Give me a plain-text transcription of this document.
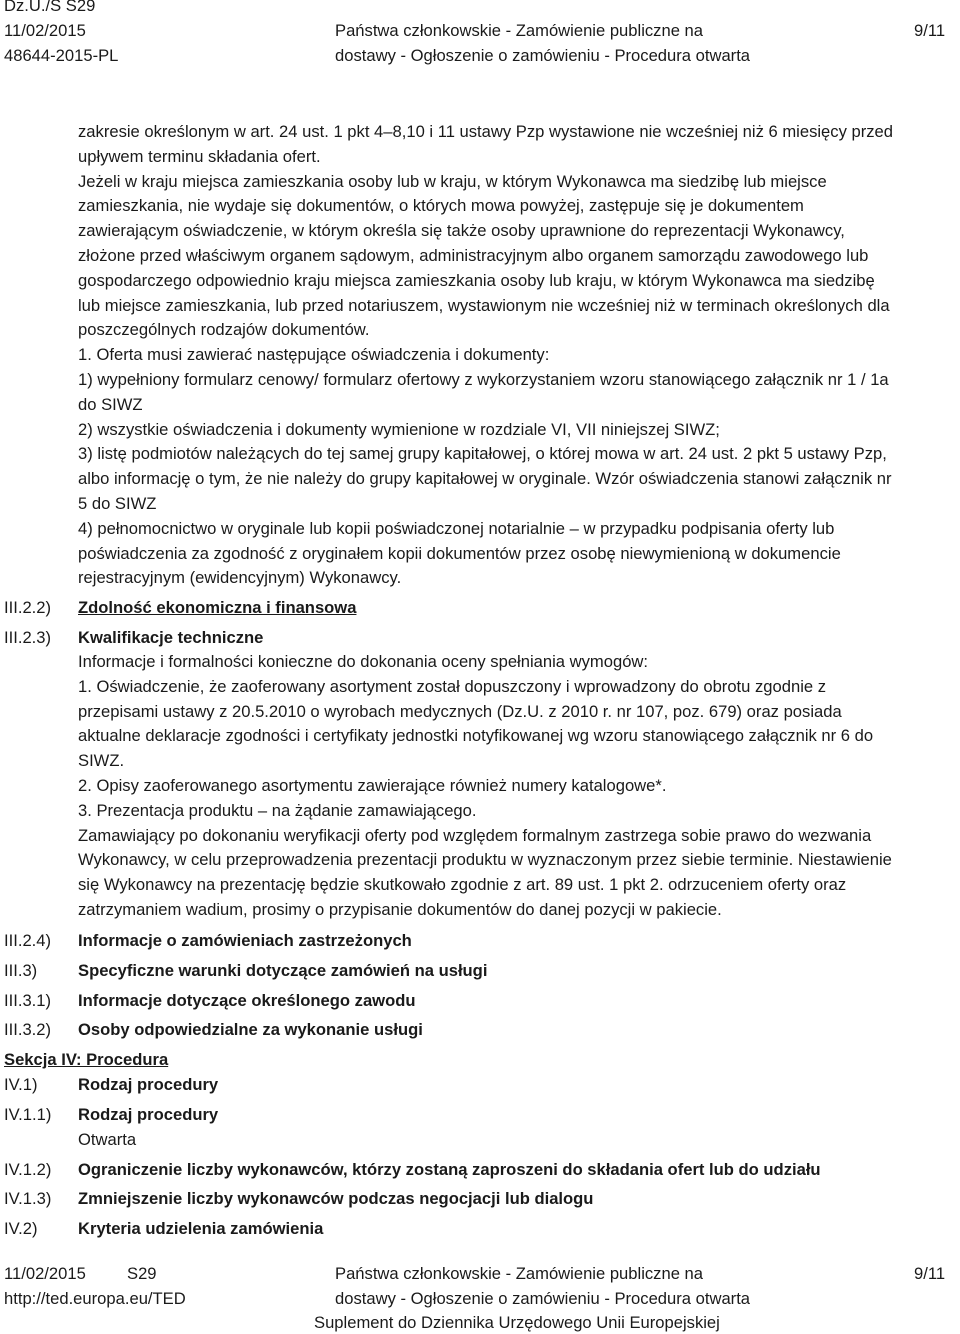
Dz.U./S S29
11/02/2015
48644-2015-PL
Państwa członkowskie - Zamówienie publiczne na
dostawy - Ogłoszenie o zamówieniu - Procedura otwarta
9/11
zakresie określonym w art. 24 ust. 1 pkt 4–8,10 i 11 ustawy Pzp wystawione nie wcześniej niż 6 miesięcy przed
upływem terminu składania ofert.
Jeżeli w kraju miejsca zamieszkania osoby lub w kraju, w którym Wykonawca ma siedzibę lub miejsce
zamieszkania, nie wydaje się dokumentów, o których mowa powyżej, zastępuje się je dokumentem
zawierającym oświadczenie, w którym określa się także osoby uprawnione do reprezentacji Wykonawcy,
złożone przed właściwym organem sądowym, administracyjnym albo organem samorządu zawodowego lub
gospodarczego odpowiednio kraju miejsca zamieszkania osoby lub kraju, w którym Wykonawca ma siedzibę
lub miejsce zamieszkania, lub przed notariuszem, wystawionym nie wcześniej niż w terminach określonych dla
poszczególnych rodzajów dokumentów.
1. Oferta musi zawierać następujące oświadczenia i dokumenty:
1) wypełniony formularz cenowy/ formularz ofertowy z wykorzystaniem wzoru stanowiącego załącznik nr 1 / 1a
do SIWZ
2) wszystkie oświadczenia i dokumenty wymienione w rozdziale VI, VII niniejszej SIWZ;
3) listę podmiotów należących do tej samej grupy kapitałowej, o której mowa w art. 24 ust. 2 pkt 5 ustawy Pzp,
albo informację o tym, że nie należy do grupy kapitałowej w oryginale. Wzór oświadczenia stanowi załącznik nr
5 do SIWZ
4) pełnomocnictwo w oryginale lub kopii poświadczonej notarialnie – w przypadku podpisania oferty lub
poświadczenia za zgodność z oryginałem kopii dokumentów przez osobę niewymienioną w dokumencie
rejestracyjnym (ewidencyjnym) Wykonawcy.
III.2.2) Zdolność ekonomiczna i finansowa
III.2.3) Kwalifikacje techniczne
Informacje i formalności konieczne do dokonania oceny spełniania wymogów:
1. Oświadczenie, że zaoferowany asortyment został dopuszczony i wprowadzony do obrotu zgodnie z
przepisami ustawy z 20.5.2010 o wyrobach medycznych (Dz.U. z 2010 r. nr 107, poz. 679) oraz posiada
aktualne deklaracje zgodności i certyfikaty jednostki notyfikowanej wg wzoru stanowiącego załącznik nr 6 do
SIWZ.
2. Opisy zaoferowanego asortymentu zawierające również numery katalogowe*.
3. Prezentacja produktu – na żądanie zamawiającego.
Zamawiający po dokonaniu weryfikacji oferty pod względem formalnym zastrzega sobie prawo do wezwania
Wykonawcy, w celu przeprowadzenia prezentacji produktu w wyznaczonym przez siebie terminie. Niestawienie
się Wykonawcy na prezentację będzie skutkowało zgodnie z art. 89 ust. 1 pkt 2. odrzuceniem oferty oraz
zatrzymaniem wadium, prosimy o przypisanie dokumentów do danej pozycji w pakiecie.
III.2.4) Informacje o zamówieniach zastrzeżonych
III.3) Specyficzne warunki dotyczące zamówień na usługi
III.3.1) Informacje dotyczące określonego zawodu
III.3.2) Osoby odpowiedzialne za wykonanie usługi
Sekcja IV: Procedura
IV.1) Rodzaj procedury
IV.1.1) Rodzaj procedury
Otwarta
IV.1.2) Ograniczenie liczby wykonawców, którzy zostaną zaproszeni do składania ofert lub do udziału
IV.1.3) Zmniejszenie liczby wykonawców podczas negocjacji lub dialogu
IV.2) Kryteria udzielenia zamówienia
11/02/2015 S29
http://ted.europa.eu/TED
Państwa członkowskie - Zamówienie publiczne na
dostawy - Ogłoszenie o zamówieniu - Procedura otwarta
Suplement do Dziennika Urzędowego Unii Europejskiej
9/11
